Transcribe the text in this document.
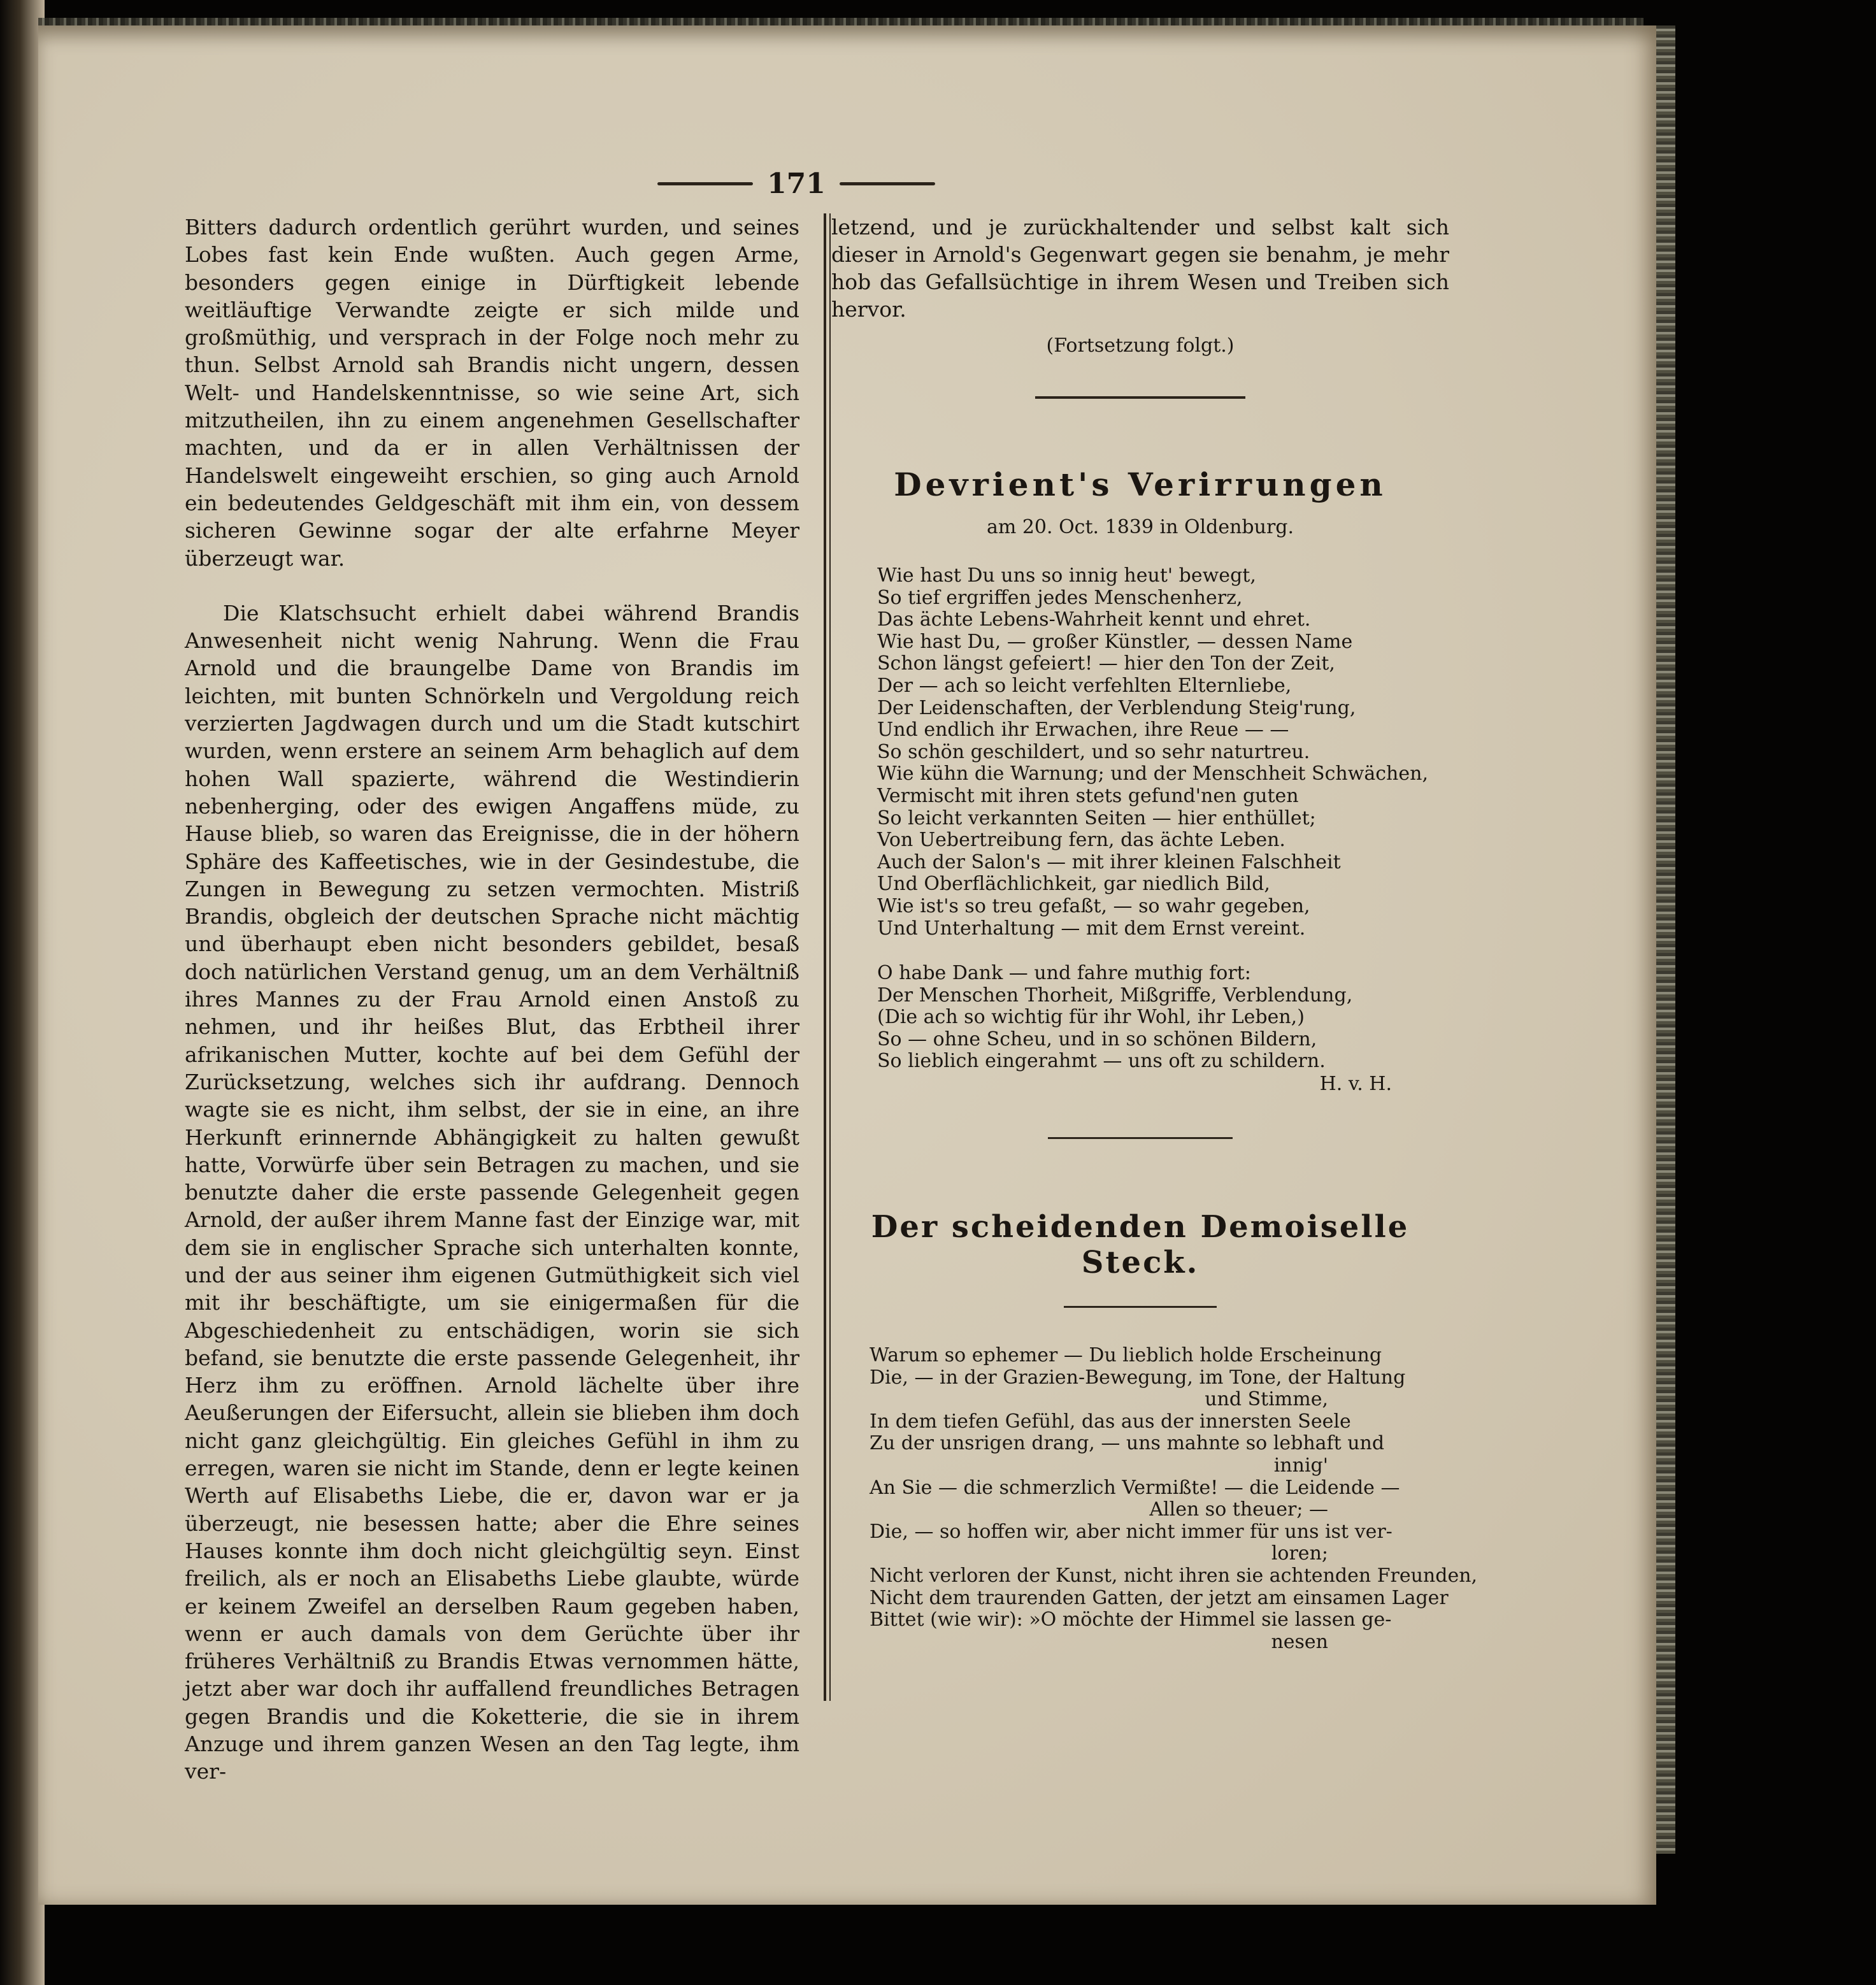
171

Bitters dadurch ordentlich gerührt wurden, und seines Lobes fast kein Ende wußten. Auch gegen Arme, besonders gegen einige in Dürftigkeit lebende weitläuftige Verwandte zeigte er sich milde und großmüthig, und versprach in der Folge noch mehr zu thun. Selbst Arnold sah Brandis nicht ungern, dessen Welt- und Handelskenntnisse, so wie seine Art, sich mitzutheilen, ihn zu einem angenehmen Gesellschafter machten, und da er in allen Verhältnissen der Handelswelt eingeweiht erschien, so ging auch Arnold ein bedeutendes Geldgeschäft mit ihm ein, von dessem sicheren Gewinne sogar der alte erfahrne Meyer überzeugt war.

Die Klatschsucht erhielt dabei während Brandis Anwesenheit nicht wenig Nahrung. Wenn die Frau Arnold und die braungelbe Dame von Brandis im leichten, mit bunten Schnörkeln und Vergoldung reich verzierten Jagdwagen durch und um die Stadt kutschirt wurden, wenn erstere an seinem Arm behaglich auf dem hohen Wall spazierte, während die Westindierin nebenherging, oder des ewigen Angaffens müde, zu Hause blieb, so waren das Ereignisse, die in der höhern Sphäre des Kaffeetisches, wie in der Gesindestube, die Zungen in Bewegung zu setzen vermochten. Mistriß Brandis, obgleich der deutschen Sprache nicht mächtig und überhaupt eben nicht besonders gebildet, besaß doch natürlichen Verstand genug, um an dem Verhältniß ihres Mannes zu der Frau Arnold einen Anstoß zu nehmen, und ihr heißes Blut, das Erbtheil ihrer afrikanischen Mutter, kochte auf bei dem Gefühl der Zurücksetzung, welches sich ihr aufdrang. Dennoch wagte sie es nicht, ihm selbst, der sie in eine, an ihre Herkunft erinnernde Abhängigkeit zu halten gewußt hatte, Vorwürfe über sein Betragen zu machen, und sie benutzte daher die erste passende Gelegenheit gegen Arnold, der außer ihrem Manne fast der Einzige war, mit dem sie in englischer Sprache sich unterhalten konnte, und der aus seiner ihm eigenen Gutmüthigkeit sich viel mit ihr beschäftigte, um sie einigermaßen für die Abgeschiedenheit zu entschädigen, worin sie sich befand, sie benutzte die erste passende Gelegenheit, ihr Herz ihm zu eröffnen. Arnold lächelte über ihre Aeußerungen der Eifersucht, allein sie blieben ihm doch nicht ganz gleichgültig. Ein gleiches Gefühl in ihm zu erregen, waren sie nicht im Stande, denn er legte keinen Werth auf Elisabeths Liebe, die er, davon war er ja überzeugt, nie besessen hatte; aber die Ehre seines Hauses konnte ihm doch nicht gleichgültig seyn. Einst freilich, als er noch an Elisabeths Liebe glaubte, würde er keinem Zweifel an derselben Raum gegeben haben, wenn er auch damals von dem Gerüchte über ihr früheres Verhältniß zu Brandis Etwas vernommen hätte, jetzt aber war doch ihr auffallend freundliches Betragen gegen Brandis und die Koketterie, die sie in ihrem Anzuge und ihrem ganzen Wesen an den Tag legte, ihm ver-

letzend, und je zurückhaltender und selbst kalt sich dieser in Arnold's Gegenwart gegen sie benahm, je mehr hob das Gefallsüchtige in ihrem Wesen und Treiben sich hervor.
(Fortsetzung folgt.)
Devrient's Verirrungen
am 20. Oct. 1839 in Oldenburg.
Wie hast Du uns so innig heut' bewegt,
So tief ergriffen jedes Menschenherz,
Das ächte Lebens-Wahrheit kennt und ehret.
Wie hast Du, — großer Künstler, — dessen Name
Schon längst gefeiert! — hier den Ton der Zeit,
Der — ach so leicht verfehlten Elternliebe,
Der Leidenschaften, der Verblendung Steig'rung,
Und endlich ihr Erwachen, ihre Reue — —
So schön geschildert, und so sehr naturtreu.
Wie kühn die Warnung; und der Menschheit Schwächen,
Vermischt mit ihren stets gefund'nen guten
So leicht verkannten Seiten — hier enthüllet;
Von Uebertreibung fern, das ächte Leben.
Auch der Salon's — mit ihrer kleinen Falschheit
Und Oberflächlichkeit, gar niedlich Bild,
Wie ist's so treu gefaßt, — so wahr gegeben,
Und Unterhaltung — mit dem Ernst vereint.
O habe Dank — und fahre muthig fort:
Der Menschen Thorheit, Mißgriffe, Verblendung,
(Die ach so wichtig für ihr Wohl, ihr Leben,)
So — ohne Scheu, und in so schönen Bildern,
So lieblich eingerahmt — uns oft zu schildern.
H. v. H.
Der scheidenden Demoiselle Steck.
Warum so ephemer — Du lieblich holde Erscheinung
Die, — in der Grazien-Bewegung, im Tone, der Haltung
und Stimme,
In dem tiefen Gefühl, das aus der innersten Seele
Zu der unsrigen drang, — uns mahnte so lebhaft und
innig'
An Sie — die schmerzlich Vermißte! — die Leidende —
Allen so theuer; —
Die, — so hoffen wir, aber nicht immer für uns ist ver-
loren;
Nicht verloren der Kunst, nicht ihren sie achtenden Freunden,
Nicht dem traurenden Gatten, der jetzt am einsamen Lager
Bittet (wie wir): »O möchte der Himmel sie lassen ge-
nesen
